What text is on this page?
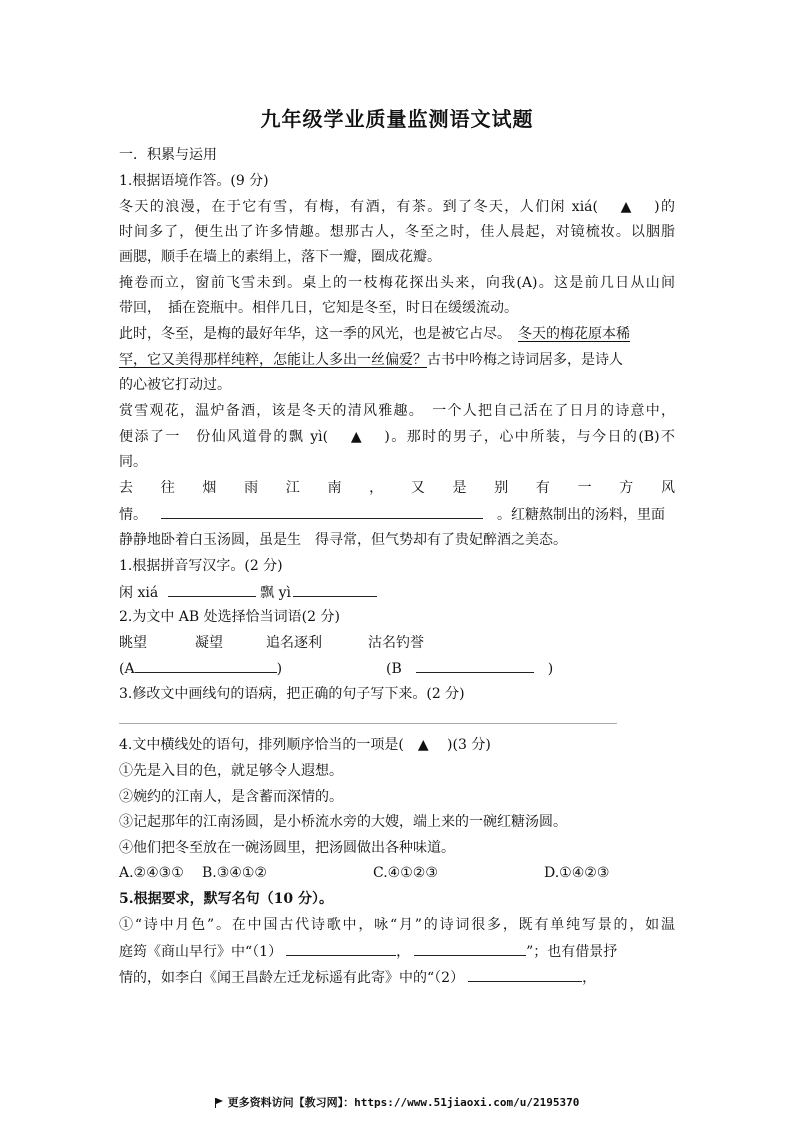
九年级学业质量监测语文试题
一．积累与运用
1.根据语境作答。(9 分)
冬天的浪漫，在于它有雪，有梅，有酒，有茶。到了冬天，人们闲 xiá(　 ▲　 )的
时间多了，便生出了许多情趣。想那古人，冬至之时，佳人晨起，对镜梳妆。以胭脂
画腮，顺手在墙上的素绢上，落下一瓣，圈成花瓣。
掩卷而立，窗前飞雪未到。桌上的一枝梅花探出头来，向我(A)。这是前几日从山间
带回，　插在瓷瓶中。相伴几日，它知是冬至，时日在缓缓流动。
此时，冬至，是梅的最好年华，这一季的风光，也是被它占尽。　冬天的梅花原本稀
罕，它又美得那样纯粹，怎能让人多出一丝偏爱？古书中吟梅之诗词居多，是诗人
的心被它打动过。
赏雪观花，温炉备酒，该是冬天的清风雅趣。　一个人把自己活在了日月的诗意中，
便添了一　份仙风道骨的飘 yì(　 ▲　 )。那时的男子，心中所装，与今日的(B)不
同。
去 往 烟 雨 江 南 ， 又 是 别 有 一 方 风
情。	。红糖熬制出的汤料，里面
静静地卧着白玉汤圆，虽是生　得寻常，但气势却有了贵妃醉酒之美态。
1.根据拼音写汉字。(2 分)
闲 xiá	飘 yì
2.为文中 AB 处选择恰当词语(2 分)
眺望	凝望	追名逐利	沽名钓誉
(A	)	(B	)
3.修改文中画线句的语病，把正确的句子写下来。(2 分)
4.文中横线处的语句，排列顺序恰当的一项是(　▲　 )(3 分)
①先是入目的色，就足够令人遐想。
②婉约的江南人，是含蓄而深情的。
③记起那年的江南汤圆，是小桥流水旁的大嫂，端上来的一碗红糖汤圆。
④他们把冬至放在一碗汤圆里，把汤圆做出各种味道。
A.②④③① B.③④①②	C.④①②③	D.①④②③
5.根据要求，默写名句（10 分）。
①“诗中月色”。在中国古代诗歌中，咏“月”的诗词很多，既有单纯写景的，如温
庭筠《商山早行》中“（1）	，	”；也有借景抒
情的，如李白《闻王昌龄左迁龙标遥有此寄》中的“（2）	，
更多资料访问【教习网】：https://www.51jiaoxi.com/u/2195370
